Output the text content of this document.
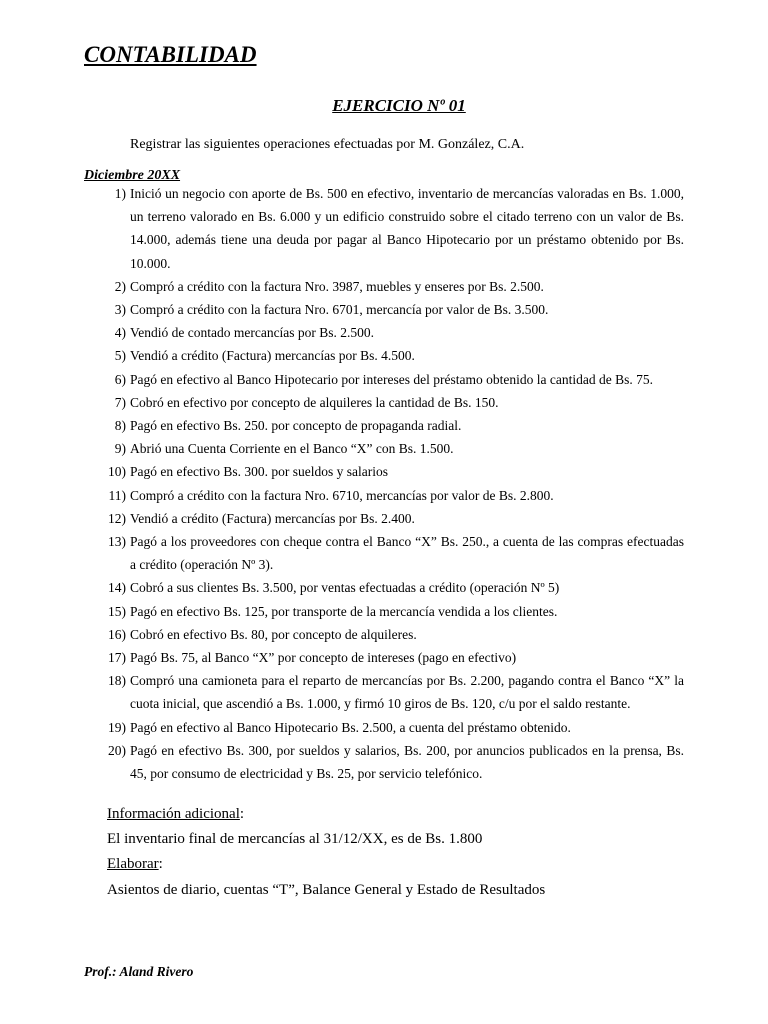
CONTABILIDAD
EJERCICIO Nº 01
Registrar las siguientes operaciones efectuadas por M. González, C.A.
Diciembre 20XX
1) Inició un negocio con aporte de Bs. 500 en efectivo, inventario de mercancías valoradas en Bs. 1.000, un terreno valorado en Bs. 6.000 y un edificio construido sobre el citado terreno con un valor de Bs. 14.000, además tiene una deuda por pagar al Banco Hipotecario por un préstamo obtenido por Bs. 10.000.
2) Compró a crédito con la factura Nro. 3987, muebles y enseres por Bs. 2.500.
3) Compró a crédito con la factura Nro. 6701, mercancía por valor de Bs. 3.500.
4) Vendió de contado mercancías por Bs. 2.500.
5) Vendió a crédito (Factura) mercancías por Bs. 4.500.
6) Pagó en efectivo al Banco Hipotecario por intereses del préstamo obtenido la cantidad de Bs. 75.
7) Cobró en efectivo por concepto de alquileres la cantidad de Bs. 150.
8) Pagó en efectivo Bs. 250. por concepto de propaganda radial.
9) Abrió una Cuenta Corriente en el Banco “X” con Bs. 1.500.
10) Pagó en efectivo Bs. 300. por sueldos y salarios
11) Compró a crédito con la factura Nro. 6710, mercancías por valor de Bs. 2.800.
12) Vendió a crédito (Factura) mercancías por Bs. 2.400.
13) Pagó a los proveedores con cheque contra el Banco “X” Bs. 250., a cuenta de las compras efectuadas a crédito (operación Nº 3).
14) Cobró a sus clientes Bs. 3.500, por ventas efectuadas a crédito (operación Nº 5)
15) Pagó en efectivo Bs. 125, por transporte de la mercancía vendida a los clientes.
16) Cobró en efectivo Bs. 80, por concepto de alquileres.
17) Pagó Bs. 75, al Banco “X” por concepto de intereses (pago en efectivo)
18) Compró una camioneta para el reparto de mercancías por Bs. 2.200, pagando contra el Banco “X” la cuota inicial, que ascendió a Bs. 1.000, y firmó 10 giros de Bs. 120, c/u por el saldo restante.
19) Pagó en efectivo al Banco Hipotecario Bs. 2.500, a cuenta del préstamo obtenido.
20) Pagó en efectivo Bs. 300, por sueldos y salarios, Bs. 200, por anuncios publicados en la prensa, Bs. 45, por consumo de electricidad y Bs. 25, por servicio telefónico.
Información adicional:
El inventario final de mercancías al 31/12/XX, es de Bs. 1.800
Elaborar:
Asientos de diario, cuentas “T”, Balance General y Estado de Resultados
Prof.: Aland Rivero
